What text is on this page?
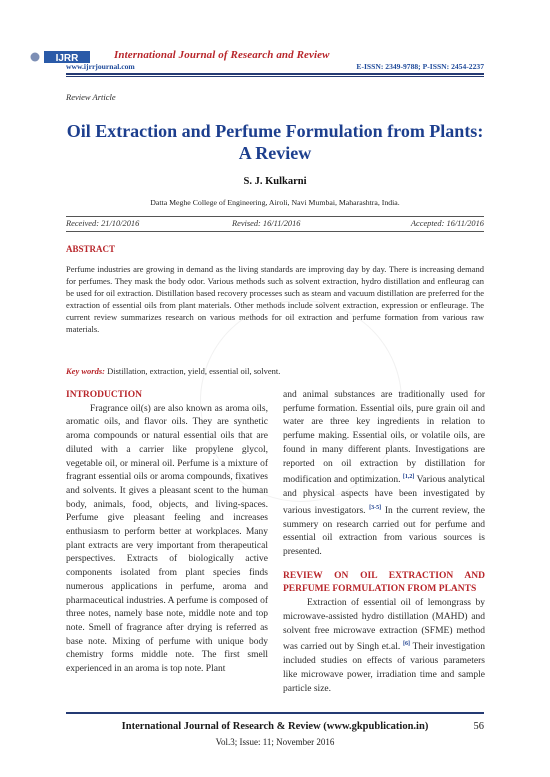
IJRR	International Journal of Research and Review
www.ijrrjournal.com	E-ISSN: 2349-9788; P-ISSN: 2454-2237
Review Article
Oil Extraction and Perfume Formulation from Plants: A Review
S. J. Kulkarni
Datta Meghe College of Engineering, Airoli, Navi Mumbai, Maharashtra, India.
Received: 21/10/2016	Revised: 16/11/2016	Accepted: 16/11/2016
ABSTRACT
Perfume industries are growing in demand as the living standards are improving day by day. There is increasing demand for perfumes. They mask the body odor. Various methods such as solvent extraction, hydro distillation and enfleurag can be used for oil extraction. Distillation based recovery processes such as steam and vacuum distillation are preferred for the extraction of essential oils from plant materials. Other methods include solvent extraction, expression or enfleurage. The current review summarizes research on various methods for oil extraction and perfume formation from various raw materials.
Key words: Distillation, extraction, yield, essential oil, solvent.
INTRODUCTION
Fragrance oil(s) are also known as aroma oils, aromatic oils, and flavor oils. They are synthetic aroma compounds or natural essential oils that are diluted with a carrier like propylene glycol, vegetable oil, or mineral oil. Perfume is a mixture of fragrant essential oils or aroma compounds, fixatives and solvents. It gives a pleasant scent to the human body, animals, food, objects, and living-spaces. Perfume give pleasant feeling and increases enthusiasm to perform better at workplaces. Many plant extracts are very important from therapeutical perspectives. Extracts of biologically active components isolated from plant species finds numerous applications in perfume, aroma and pharmaceutical industries. A perfume is composed of three notes, namely base note, middle note and top note. Smell of fragrance after drying is referred as base note. Mixing of perfume with unique body chemistry forms middle note. The first smell experienced in an aroma is top note. Plant
and animal substances are traditionally used for perfume formation. Essential oils, pure grain oil and water are three key ingredients in relation to perfume making. Essential oils, or volatile oils, are found in many different plants. Investigations are reported on oil extraction by distillation for modification and optimization. [1,2] Various analytical and physical aspects have been investigated by various investigators. [3-5] In the current review, the summery on research carried out for perfume and essential oil extraction from various sources is presented.
REVIEW ON OIL EXTRACTION AND PERFUME FORMULATION FROM PLANTS
Extraction of essential oil of lemongrass by microwave-assisted hydro distillation (MAHD) and solvent free microwave extraction (SFME) method was carried out by Singh et.al. [6] Their investigation included studies on effects of various parameters like microwave power, irradiation time and sample particle size.
International Journal of Research & Review (www.gkpublication.in)	56
Vol.3; Issue: 11; November 2016
